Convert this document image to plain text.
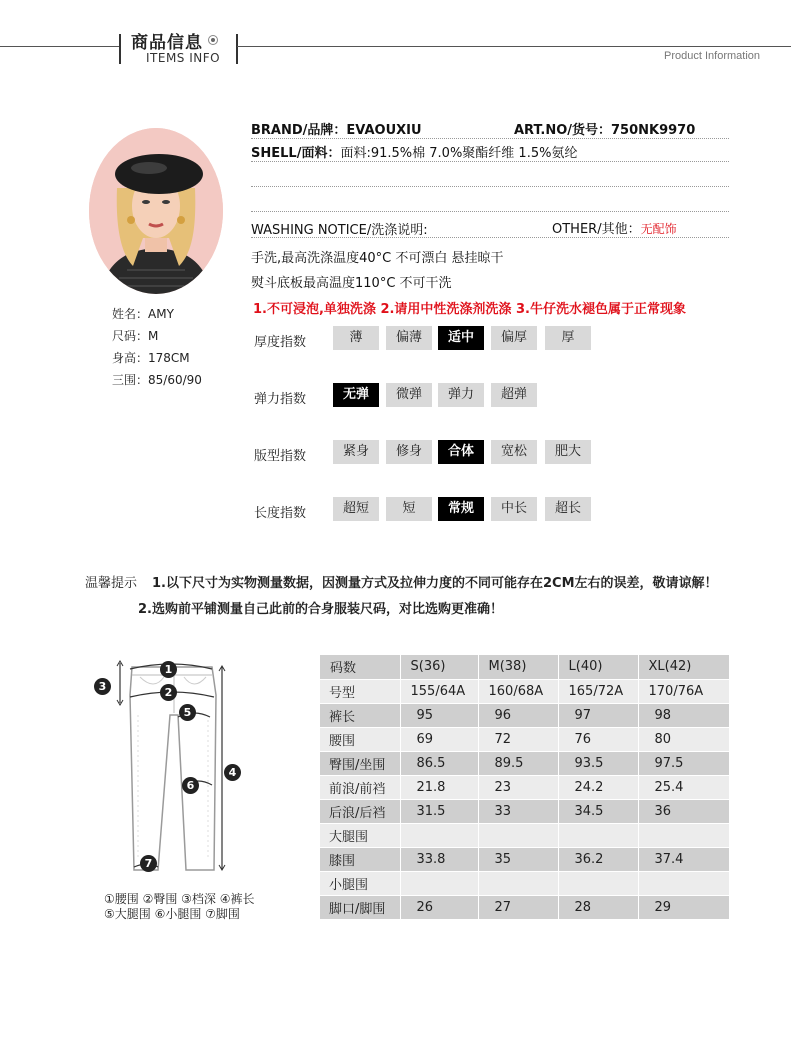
商品信息
ITEMS INFO	Product Information
姓名：AMY
尺码：M
身高：178CM
三围：85/60/90
BRAND/品牌：EVAOUXIU	ART.NO/货号：750NK9970
SHELL/面料：面料:91.5%棉 7.0%聚酯纤维 1.5%氨纶
WASHING NOTICE/洗涤说明:	OTHER/其他：无配饰
手洗,最高洗涤温度40°C 不可漂白 悬挂晾干
熨斗底板最高温度110°C 不可干洗
1.不可浸泡,单独洗涤 2.请用中性洗涤剂洗涤 3.牛仔洗水褪色属于正常现象
厚度指数	薄	偏薄	适中	偏厚	厚
弹力指数	无弹	微弹	弹力	超弹
版型指数	紧身	修身	合体	宽松	肥大
长度指数	超短	短	常规	中长	超长
温馨提示 1.以下尺寸为实物测量数据，因测量方式及拉伸力度的不同可能存在2CM左右的误差，敬请谅解！
2.选购前平铺测量自己此前的合身服装尺码，对比选购更准确！
1
2
3
4
5
6
7
①腰围 ②臀围 ③档深 ④裤长
⑤大腿围 ⑥小腿围 ⑦脚围
码数	S(36)	M(38)	L(40)	XL(42)
号型	155/64A	160/68A	165/72A	170/76A
裤长	95	96	97	98
腰围	69	72	76	80
臀围/坐围	86.5	89.5	93.5	97.5
前浪/前裆	21.8	23	24.2	25.4
后浪/后裆	31.5	33	34.5	36
大腿围				
膝围	33.8	35	36.2	37.4
小腿围				
脚口/脚围	26	27	28	29
